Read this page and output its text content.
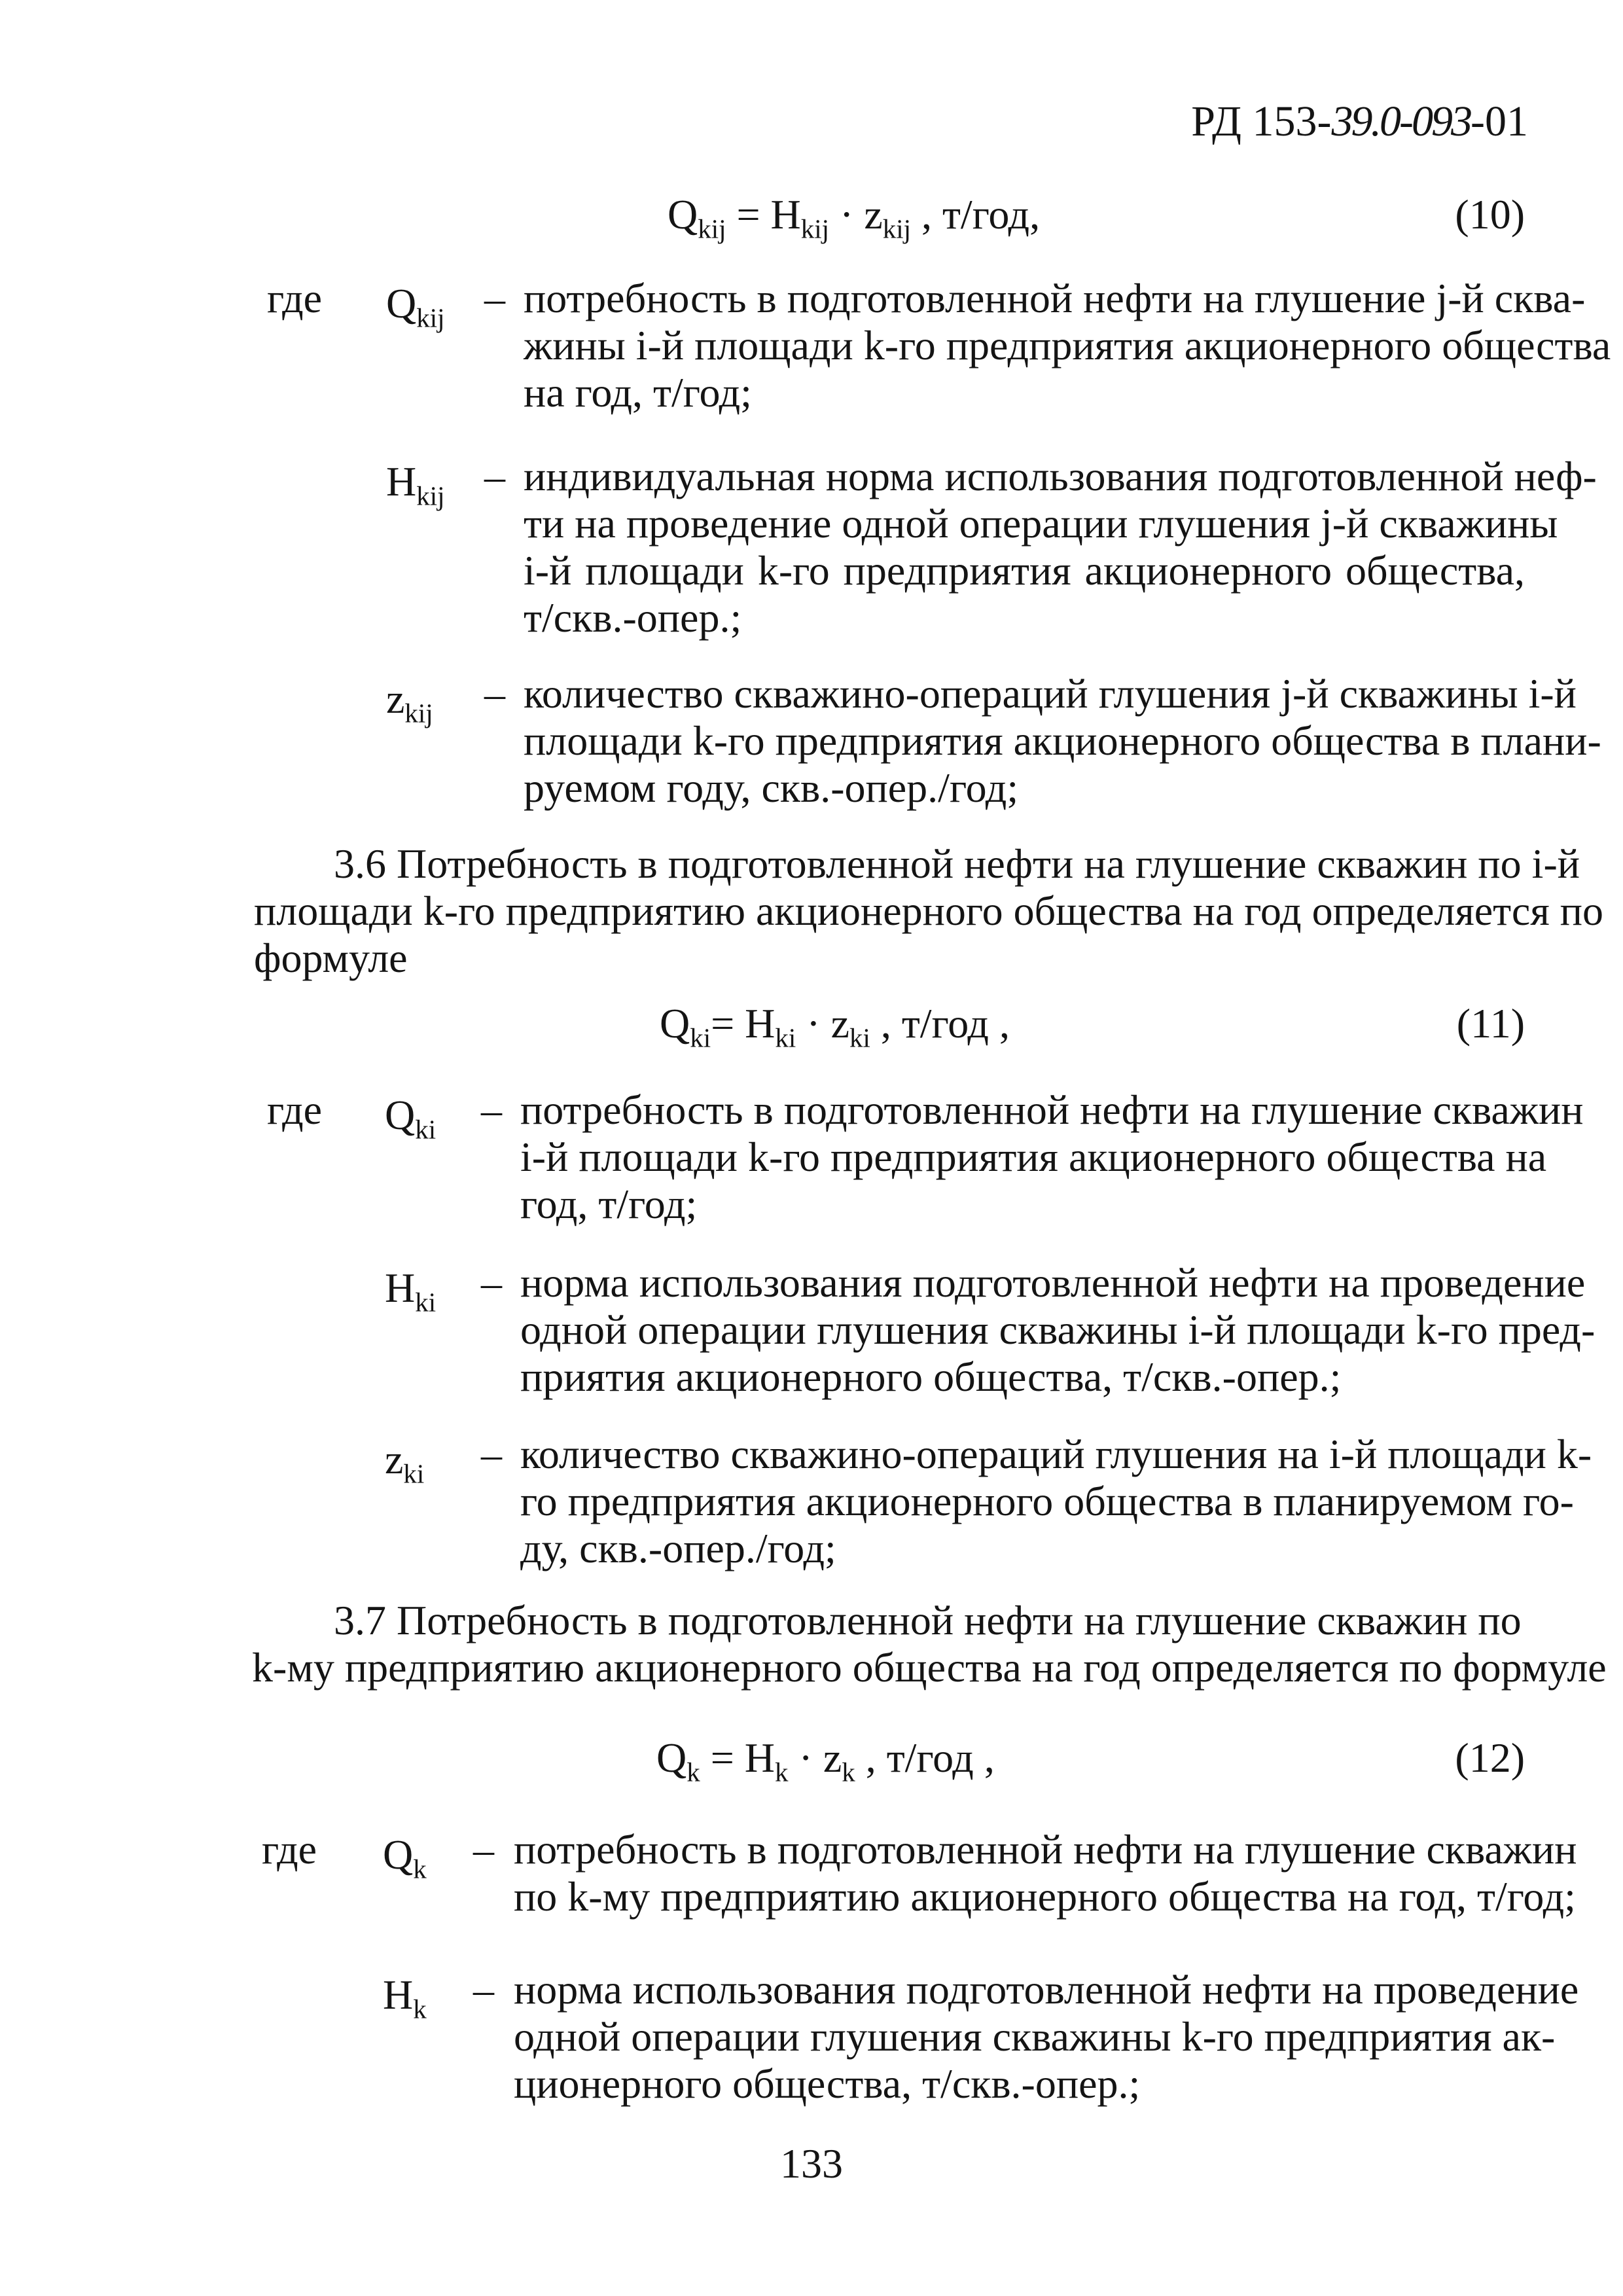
РД 153-39.0-093-01
$Q_{kij} = H_{kij} \cdot z_{kij}$ , т/год,	(10)
где $Q_{kij}$ – потребность в подготовленной нефти на глушение j-й сква-
жины i-й площади k-го предприятия акционерного общества
на год, т/год;
$H_{kij}$ – индивидуальная норма использования подготовленной неф-
ти на проведение одной операции глушения j-й скважины
i-й площади k-го предприятия акционерного общества,
т/скв.-опер.;
$z_{kij}$ – количество скважино-операций глушения j-й скважины i-й
площади k-го предприятия акционерного общества в плани-
руемом году, скв.-опер./год;
3.6 Потребность в подготовленной нефти на глушение скважин по i-й
площади k-го предприятию акционерного общества на год определяется по
формуле
$Q_{ki}= H_{ki} \cdot z_{ki}$ , т/год ,	(11)
где $Q_{ki}$ – потребность в подготовленной нефти на глушение скважин
i-й площади k-го предприятия акционерного общества на
год, т/год;
$H_{ki}$ – норма использования подготовленной нефти на проведение
одной операции глушения скважины i-й площади k-го пред-
приятия акционерного общества, т/скв.-опер.;
$z_{ki}$ – количество скважино-операций глушения на i-й площади k-
го предприятия акционерного общества в планируемом го-
ду, скв.-опер./год;
3.7 Потребность в подготовленной нефти на глушение скважин по
k-му предприятию акционерного общества на год определяется по формуле
$Q_k = H_k \cdot z_k$ , т/год ,	(12)
где $Q_k$ – потребность в подготовленной нефти на глушение скважин
по k-му предприятию акционерного общества на год, т/год;
$H_k$ – норма использования подготовленной нефти на проведение
одной операции глушения скважины k-го предприятия ак-
ционерного общества, т/скв.-опер.;
133
